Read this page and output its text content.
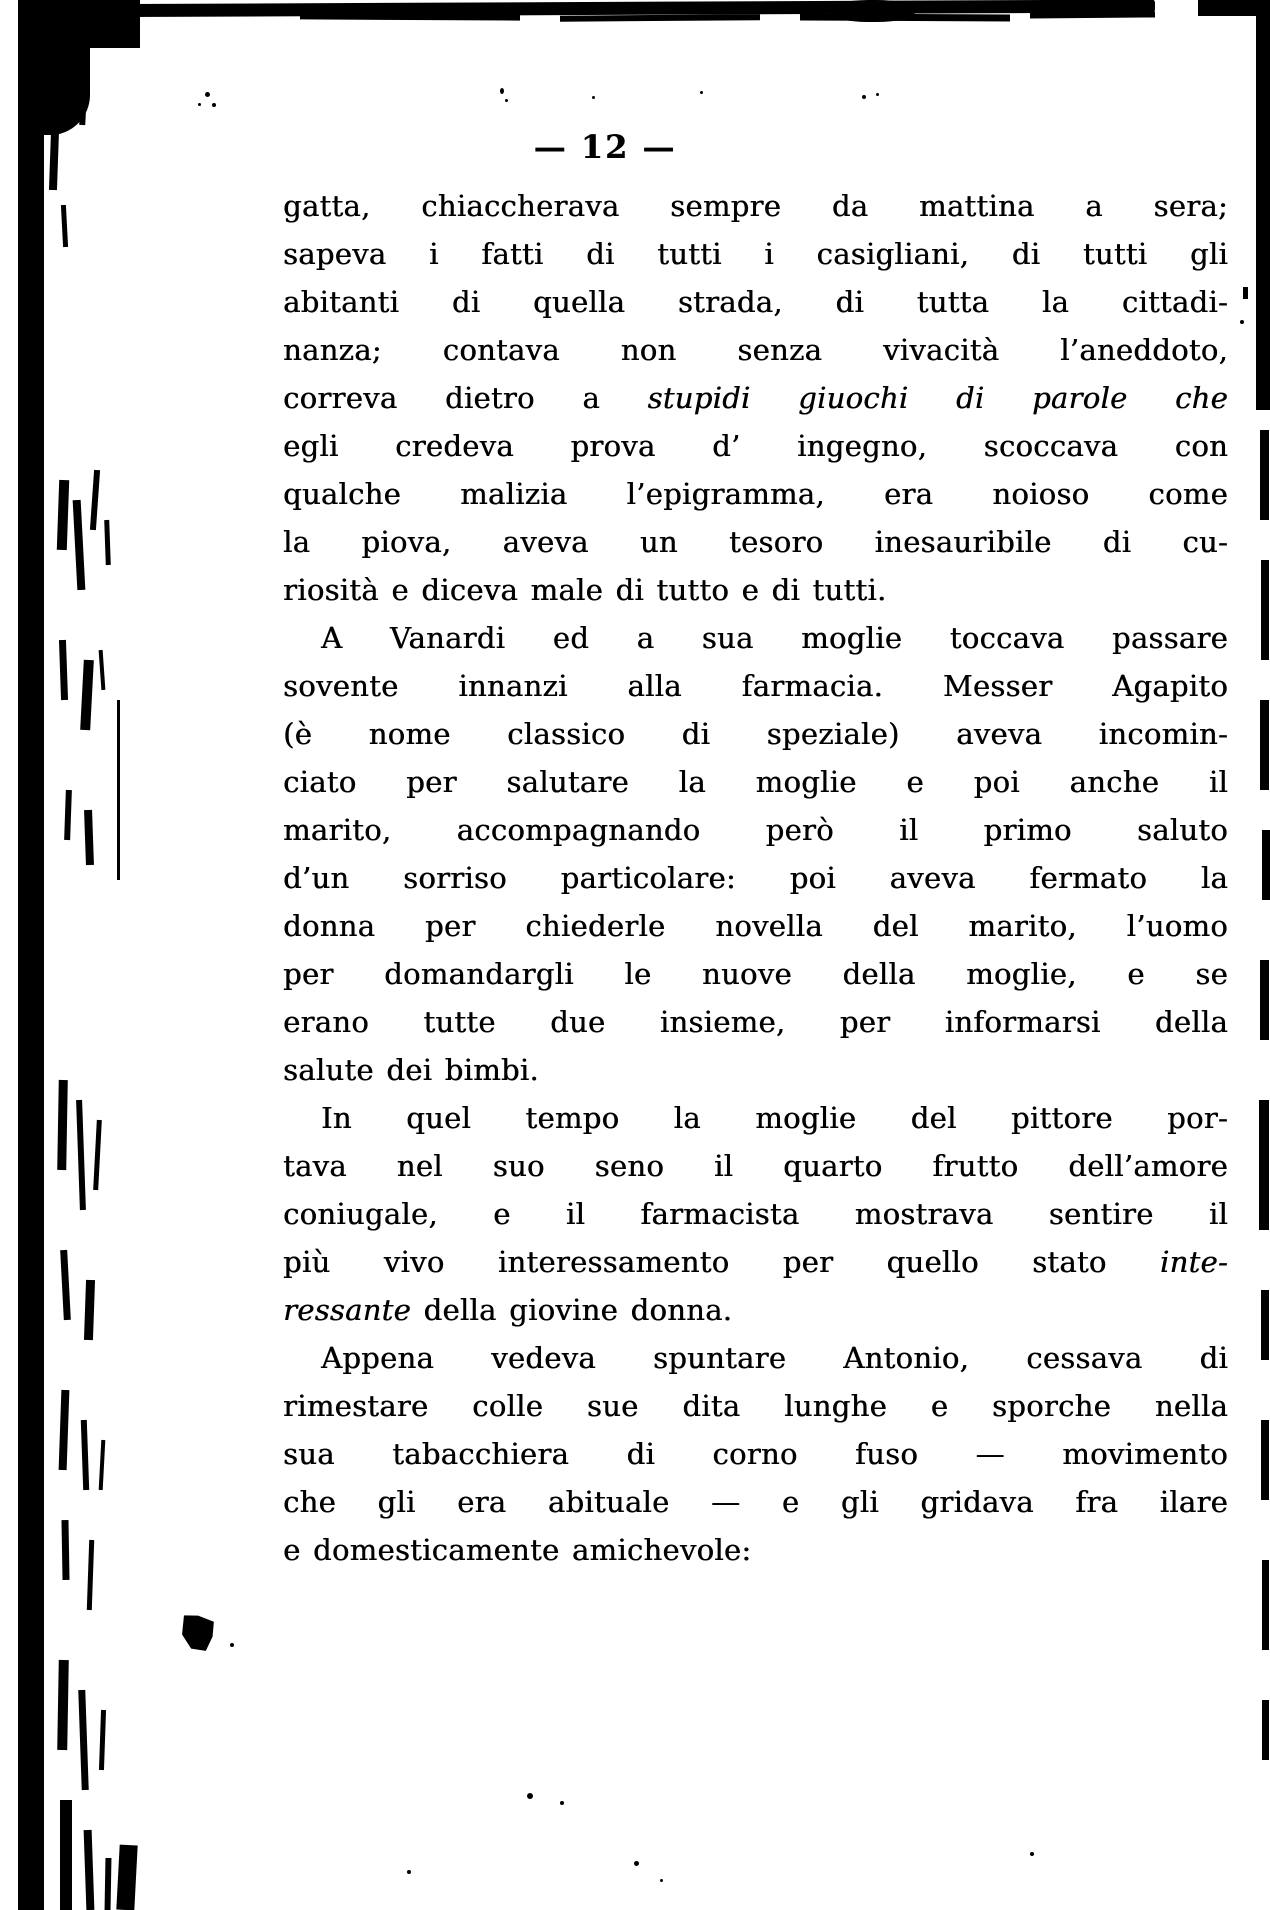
— 12 —
gatta, chiaccherava sempre da mattina a sera;
sapeva i fatti di tutti i casigliani, di tutti gli
abitanti di quella strada, di tutta la cittadi-
nanza; contava non senza vivacità l’aneddoto,
correva dietro a stupidi giuochi di parole che
egli credeva prova d’ ingegno, scoccava con
qualche malizia l’epigramma, era noioso come
la piova, aveva un tesoro inesauribile di cu-
riosità e diceva male di tutto e di tutti.
A Vanardi ed a sua moglie toccava passare
sovente innanzi alla farmacia. Messer Agapito
(è nome classico di speziale) aveva incomin-
ciato per salutare la moglie e poi anche il
marito, accompagnando però il primo saluto
d’un sorriso particolare: poi aveva fermato la
donna per chiederle novella del marito, l’uomo
per domandargli le nuove della moglie, e se
erano tutte due insieme, per informarsi della
salute dei bimbi.
In quel tempo la moglie del pittore por-
tava nel suo seno il quarto frutto dell’amore
coniugale, e il farmacista mostrava sentire il
più vivo interessamento per quello stato inte-
ressante della giovine donna.
Appena vedeva spuntare Antonio, cessava di
rimestare colle sue dita lunghe e sporche nella
sua tabacchiera di corno fuso — movimento
che gli era abituale — e gli gridava fra ilare
e domesticamente amichevole:
